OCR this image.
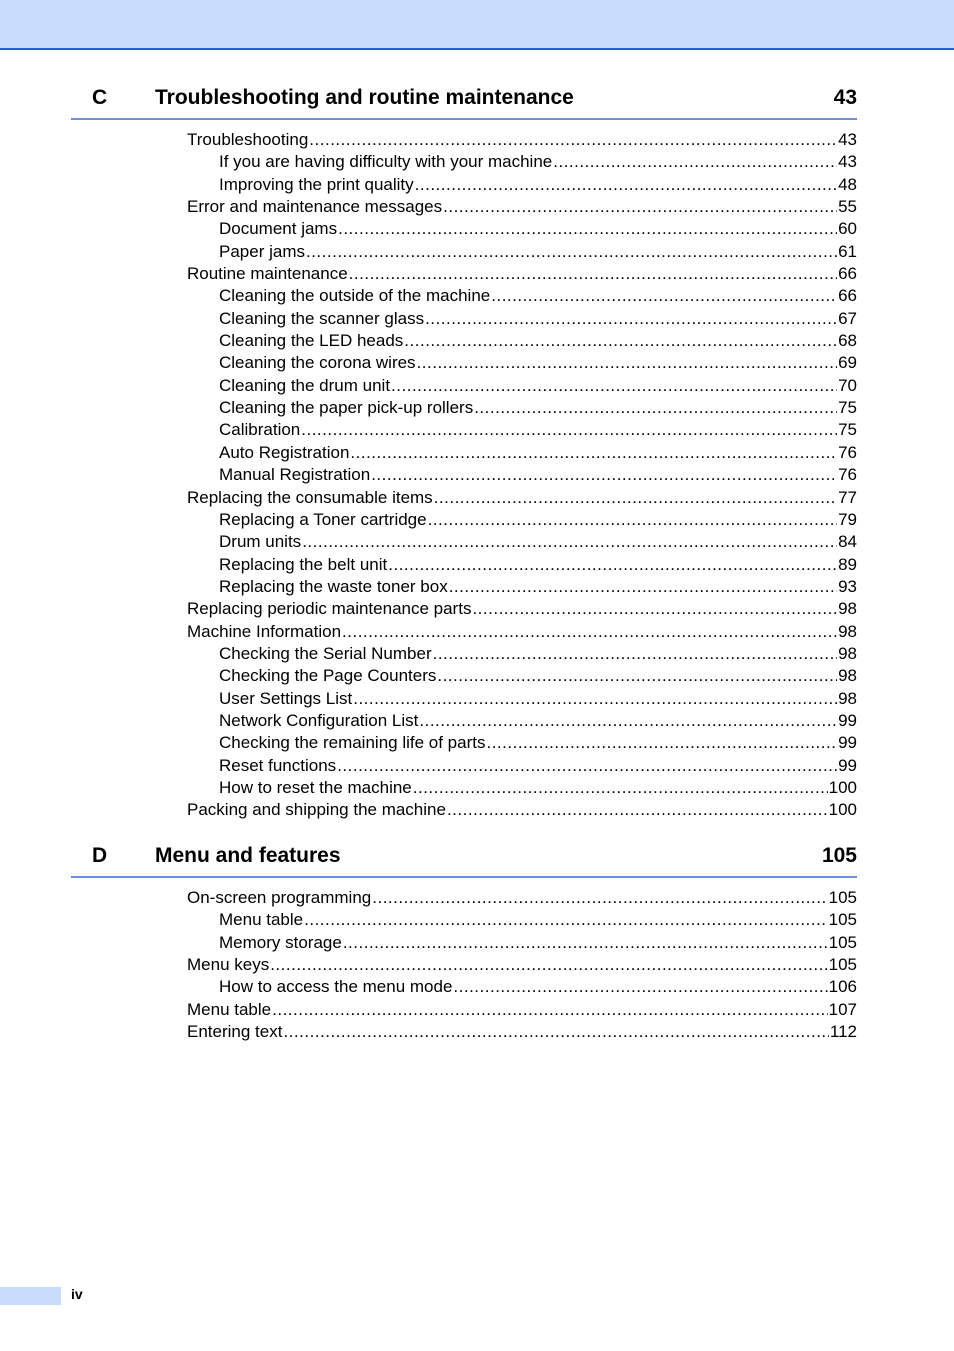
C Troubleshooting and routine maintenance	43
Troubleshooting .....	43
If you are having difficulty with your machine .....	43
Improving the print quality .....	48
Error and maintenance messages .....	55
Document jams .....	60
Paper jams .....	61
Routine maintenance .....	66
Cleaning the outside of the machine .....	66
Cleaning the scanner glass .....	67
Cleaning the LED heads .....	68
Cleaning the corona wires .....	69
Cleaning the drum unit .....	70
Cleaning the paper pick-up rollers .....	75
Calibration .....	75
Auto Registration .....	76
Manual Registration .....	76
Replacing the consumable items .....	77
Replacing a Toner cartridge .....	79
Drum units .....	84
Replacing the belt unit .....	89
Replacing the waste toner box .....	93
Replacing periodic maintenance parts .....	98
Machine Information .....	98
Checking the Serial Number .....	98
Checking the Page Counters .....	98
User Settings List .....	98
Network Configuration List .....	99
Checking the remaining life of parts .....	99
Reset functions .....	99
How to reset the machine .....	100
Packing and shipping the machine .....	100
D Menu and features	105
On-screen programming .....	105
Menu table .....	105
Memory storage .....	105
Menu keys .....	105
How to access the menu mode .....	106
Menu table .....	107
Entering text .....	112
iv
